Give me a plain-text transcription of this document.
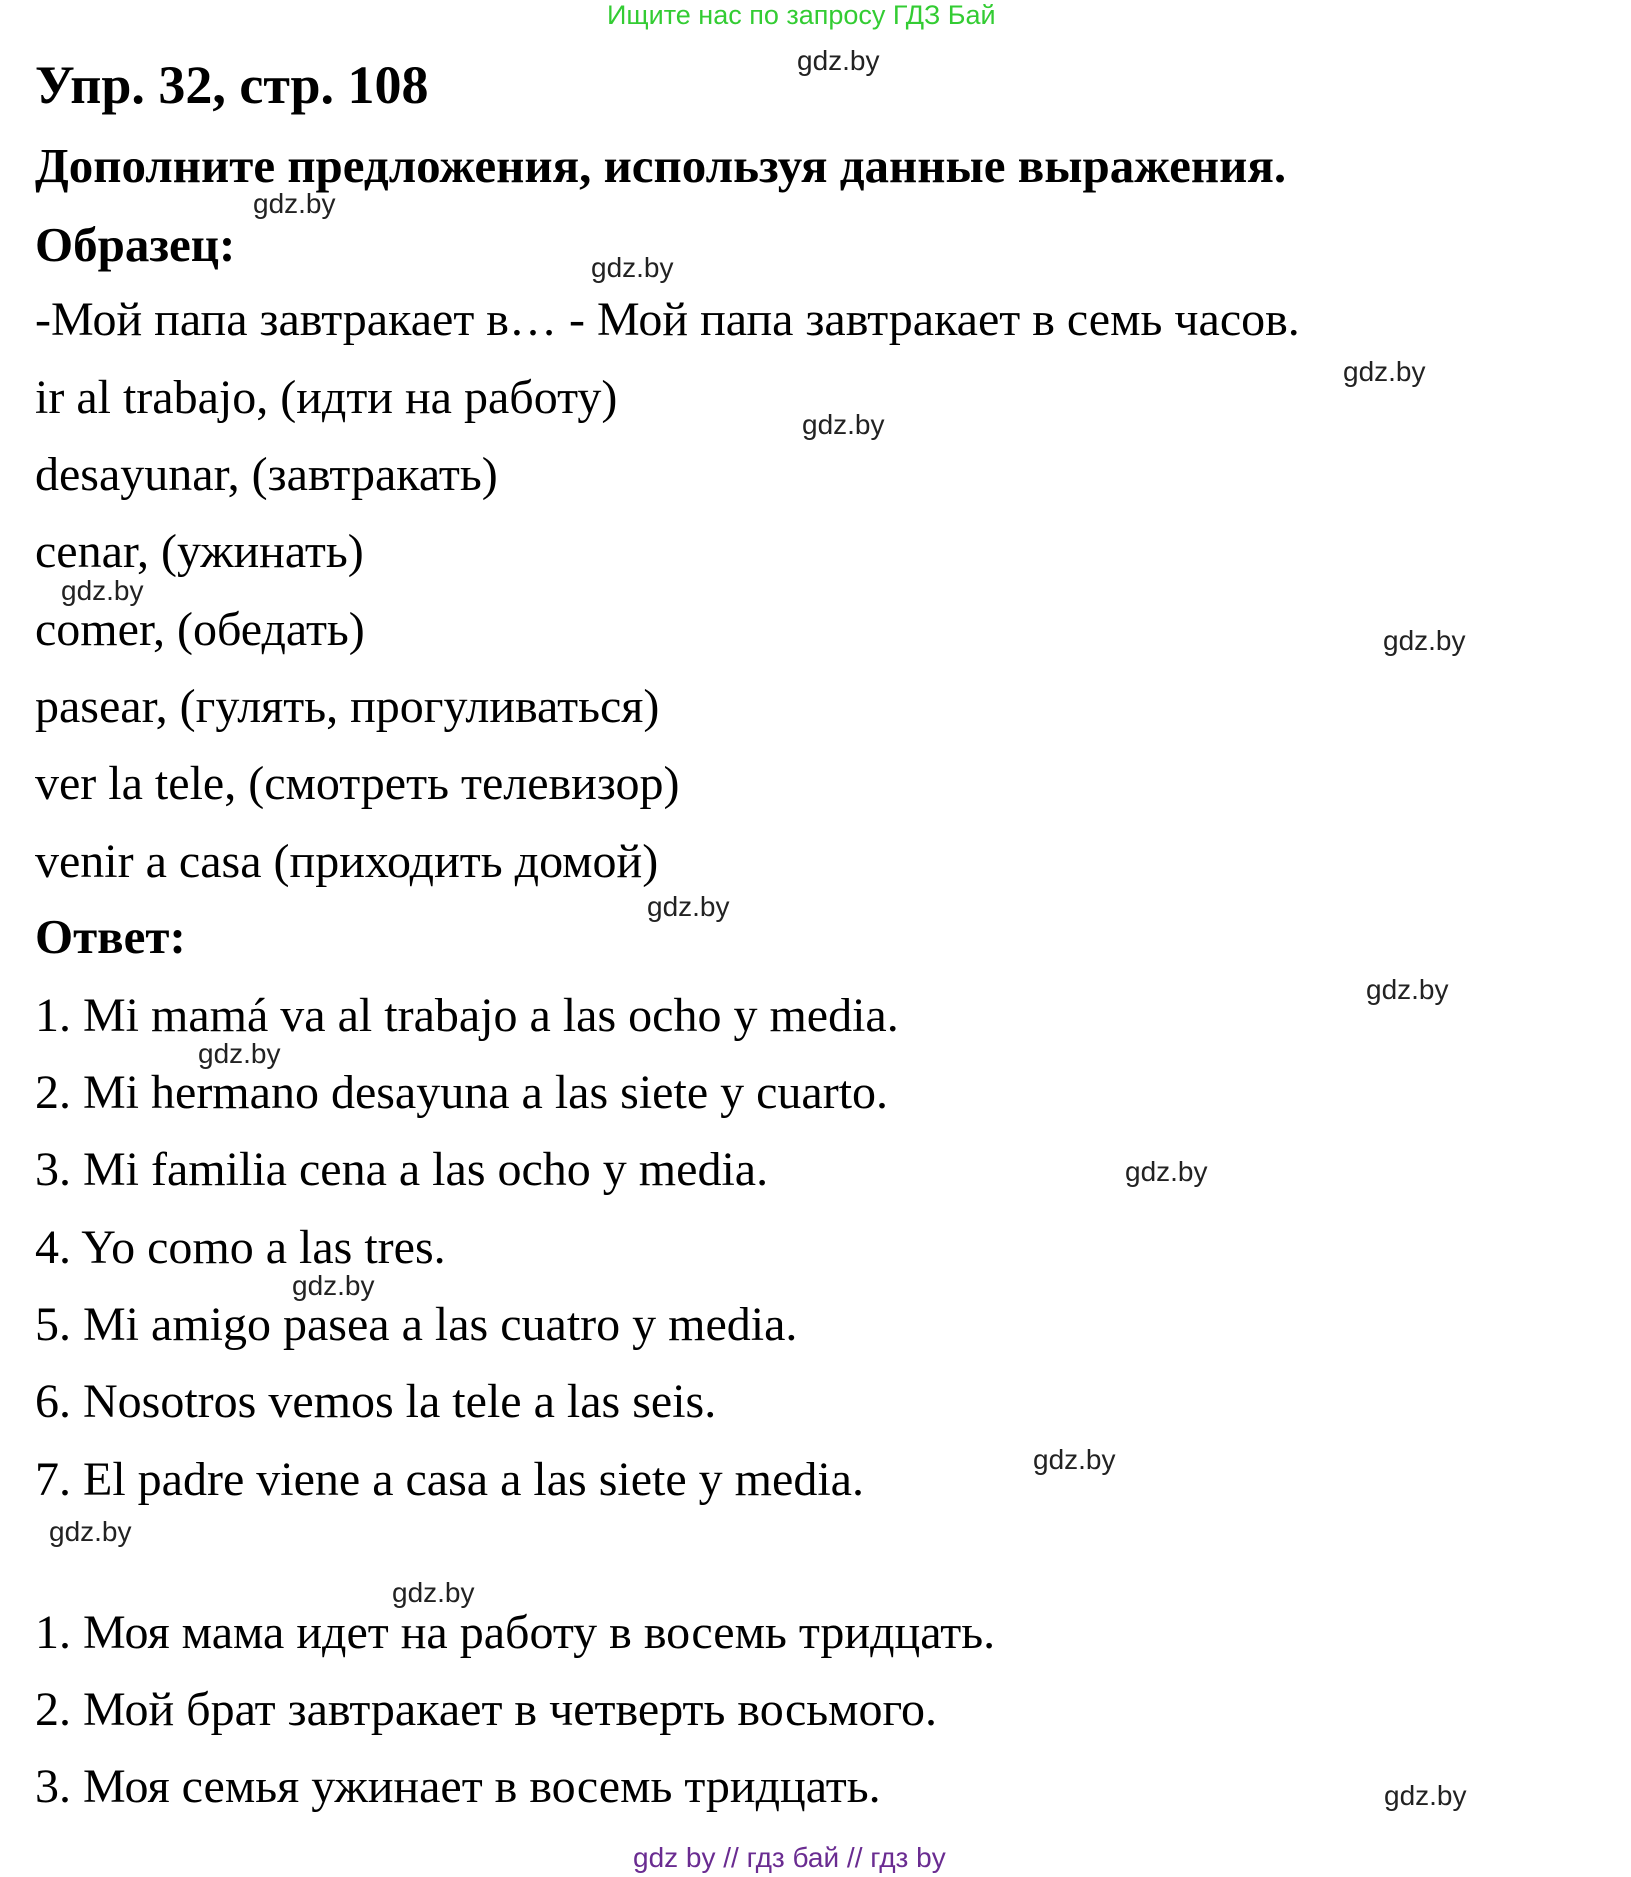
Ищите нас по запросу ГДЗ Бай
Упр. 32, стр. 108
Дополните предложения, используя данные выражения.
Образец:
-Мой папа завтракает в… - Мой папа завтракает в семь часов.
ir al trabajo, (идти на работу)
desayunar, (завтракать)
cenar, (ужинать)
comer, (обедать)
pasear, (гулять, прогуливаться)
ver la tele, (смотреть телевизор)
venir a casa (приходить домой)
Ответ:
1. Mi mamá va al trabajo a las ocho y media.
2. Mi hermano desayuna a las siete y cuarto.
3. Mi familia cena a las ocho y media.
4. Yo como a las tres.
5. Mi amigo pasea a las cuatro y media.
6. Nosotros vemos la tele a las seis.
7. El padre viene a casa a las siete y media.
1. Моя мама идет на работу в восемь тридцать.
2. Мой брат завтракает в четверть восьмого.
3. Моя семья ужинает в восемь тридцать.
gdz.by
gdz.by
gdz.by
gdz.by
gdz.by
gdz.by
gdz.by
gdz.by
gdz.by
gdz.by
gdz.by
gdz.by
gdz.by
gdz.by
gdz.by
gdz.by
gdz by // гдз бай // гдз by
